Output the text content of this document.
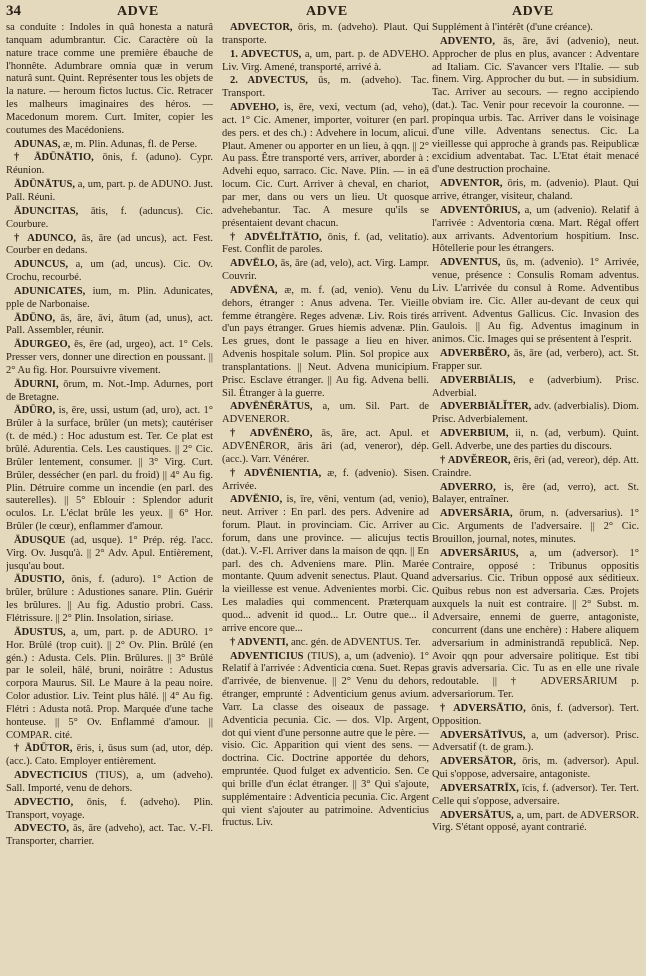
34	ADVE	ADVE	ADVE

sa conduite : Indoles in quâ honesta a naturâ tanquam adumbrantur. Cic. Caractère où la nature trace comme une première ébauche de l'honnête. Adumbrare omnia quæ in verum naturâ sunt. Quint. Représenter tous les objets de la nature. — heroum fictos luctus. Cic. Retracer les malheurs imaginaires des héros. — Macedonum morem. Curt. Imiter, copier les coutumes des Macédoniens.

ADUNAS, æ, m. Plin. Adunas, fl. de Perse.

† ĀDŪNĀTIO, ōnis, f. (aduno). Cypr. Réunion.

ĀDŪNĀTUS, a, um, part. p. de ADUNO. Just. Pall. Réuni.

ĀDUNCITAS, ātis, f. (aduncus). Cic. Courbure.

† ADUNCO, ās, āre (ad uncus), act. Fest. Courber en dedans.

ADUNCUS, a, um (ad, uncus). Cic. Ov. Crochu, recourbé.

ADUNICATES, ium, m. Plin. Adunicates, pple de Narbonaise.

ĀDŪNO, ās, āre, āvi, ātum (ad, unus), act. Pall. Assembler, réunir.

ĀDURGEO, ēs, ēre (ad, urgeo), act. 1° Cels. Presser vers, donner une direction en poussant. || 2° Au fig. Hor. Poursuivre vivement.

ĀDURNI, ōrum, m. Not.-Imp. Adurnes, port de Bretagne.

ĀDŪRO, is, ēre, ussi, ustum (ad, uro), act. 1° Brûler à la surface, brûler (un mets); cautériser (t. de méd.) : Hoc adustum est. Ter. Ce plat est brûlé. Adurentia. Cels. Les caustiques. || 2° Cic. Brûler lentement, consumer. || 3° Virg. Curt. Brûler, dessécher (en parl. du froid) || 4° Au fig. Plin. Détruire comme un incendie (en parl. des sauterelles). || 5° Eblouir : Splendor adurit oculos. Lr. L'éclat brûle les yeux. || 6° Hor. Brûler (le cœur), enflammer d'amour.

ĀDUSQUE (ad, usque). 1° Prép. rég. l'acc. Virg. Ov. Jusqu'à. || 2° Adv. Apul. Entièrement, jusqu'au bout.

ĀDUSTIO, ōnis, f. (aduro). 1° Action de brûler, brûlure : Adustiones sanare. Plin. Guérir les brûlures. || Au fig. Adustio probri. Cass. Flétrissure. || 2° Plin. Insolation, siriase.

ĀDUSTUS, a, um, part. p. de ADURO. 1° Hor. Brûlé (trop cuit). || 2° Ov. Plin. Brûlé (en gén.) : Adusta. Cels. Plin. Brûlures. || 3° Brûlé par le soleil, hâlé, bruni, noirâtre : Adustus corpora Maurus. Sil. Le Maure à la peau noire. Color adustior. Liv. Teint plus hâlé. || 4° Au fig. Flétri : Adusta notâ. Prop. Marquée d'une tache honteuse. || 5° Ov. Enflammé d'amour. || COMPAR. cité.

† ĀDŪTOR, ēris, i, ūsus sum (ad, utor, dép. (acc.). Cato. Employer entièrement.

ADVECTICIUS (TIUS), a, um (adveho). Sall. Importé, venu de dehors.

ADVECTIO, ōnis, f. (adveho). Plin. Transport, voyage.

ADVECTO, ās, āre (adveho), act. Tac. V.-Fl. Transporter, charrier.

ADVECTOR, ōris, m. (adveho). Plaut. Qui transporte.

1. ADVECTUS, a, um, part. p. de ADVEHO. Liv. Virg. Amené, transporté, arrivé à.

2. ADVECTUS, ūs, m. (adveho). Tac. Transport.

ADVEHO, is, ēre, vexi, vectum (ad, veho), act. 1° Cic. Amener, importer, voiturer (en parl. des pers. et des ch.) : Advehere in locum, alicui. Plaut. Amener ou apporter en un lieu, à qqn. || 2° Au pass. Être transporté vers, arriver, aborder à : Advehi equo, sarraco. Cic. Nave. Plin. — in eā locum. Cic. Curt. Arriver à cheval, en chariot, par mer, dans ou vers un lieu. Ut quosque advehebantur. Tac. A mesure qu'ils se présentaient devant chacun.

† ADVĒLĪTĀTIO, ōnis, f. (ad, velitatio). Fest. Conflit de paroles.

ADVĒLO, ās, āre (ad, velo), act. Virg. Lampr. Couvrir.

ADVĒNA, æ, m. f. (ad, venio). Venu du dehors, étranger : Anus advena. Ter. Vieille femme étrangère. Reges advenæ. Liv. Rois tirés d'un pays étranger. Grues hiemis advenæ. Plin. Les grues, dont le passage a lieu en hiver. Advenis hospitale solum. Plin. Sol propice aux transplantations. || Neut. Advena municipium. Prisc. Esclave étranger. || Au fig. Advena belli. Sil. Étranger à la guerre.

ADVĒNĒRĀTUS, a, um. Sil. Part. de ADVENEROR.

† ADVĒNĒRO, ās, āre, act. Apul. et ADVĒNĒROR, āris āri (ad, veneror), dép. (acc.). Varr. Vénérer.

† ADVĒNIENTIA, æ, f. (advenio). Sisen. Arrivée.

ADVĒNIO, is, īre, vēni, ventum (ad, venio), neut. Arriver : En parl. des pers. Advenire ad forum. Plaut. in provinciam. Cic. Arriver au forum, dans une province. — alicujus tectis (dat.). V.-Fl. Arriver dans la maison de qqn. || En parl. des ch. Adveniens mare. Plin. Marée montante. Quum advenit senectus. Plaut. Quand la vieillesse est venue. Advenientes morbi. Cic. Les maladies qui commencent. Præterquam quod... advenit id quod... Lr. Outre que... il arrive encore que...

† ADVENTI, anc. gén. de ADVENTUS. Ter.

ADVENTICIUS (TIUS), a, um (advenio). 1° Relatif à l'arrivée : Adventicia cœna. Suet. Repas d'arrivée, de bienvenue. || 2° Venu du dehors, étranger, emprunté : Adventicium genus avium. Varr. La classe des oiseaux de passage. Adventicia pecunia. Cic. — dos. Vlp. Argent, dot qui vient d'une personne autre que le père. — visio. Cic. Apparition qui vient des sens. — doctrina. Cic. Doctrine apportée du dehors, empruntée. Quod fulget ex adventicio. Sen. Ce qui brille d'un éclat étranger. || 3° Qui s'ajoute, supplémentaire : Adventicia pecunia. Cic. Argent qui vient s'ajouter au patrimoine. Adventicius fructus. Liv.

Supplément à l'intérêt (d'une créance).

ADVENTO, ās, āre, āvi (advenio), neut. Approcher de plus en plus, avancer : Adventare ad Italiam. Cic. S'avancer vers l'Italie. — sub finem. Virg. Approcher du but. — in subsidium. Tac. Arriver au secours. — regno accipiendo (dat.). Tac. Venir pour recevoir la couronne. — propinqua urbis. Tac. Arriver dans le voisinage d'une ville. Adventans senectus. Cic. La vieillesse qui approche à grands pas. Reipublicæ excidium adventabat. Tac. L'Etat était menacé d'une destruction prochaine.

ADVENTOR, ōris, m. (advenio). Plaut. Qui arrive, étranger, visiteur, chaland.

ADVENTŌRIUS, a, um (advenio). Relatif à l'arrivée : Adventoria cœna. Mart. Régal offert aux arrivants. Adventorium hospitium. Insc. Hôtellerie pour les étrangers.

ADVENTUS, ūs, m. (advenio). 1° Arrivée, venue, présence : Consulis Romam adventus. Liv. L'arrivée du consul à Rome. Adventibus obviam ire. Cic. Aller au-devant de ceux qui arrivent. Adventus Gallicus. Cic. Invasion des Gaulois. || Au fig. Adventus imaginum in animos. Cic. Images qui se présentent à l'esprit.

ADVERBĔRO, ās, āre (ad, verbero), act. St. Frapper sur.

ADVERBIĀLIS, e (adverbium). Prisc. Adverbial.

ADVERBIĀLĬTER, adv. (adverbialis). Diom. Prisc. Adverbialement.

ADVERBIUM, ii, n. (ad, verbum). Quint. Gell. Adverbe, une des parties du discours.

† ADVĔREOR, ēris, ēri (ad, vereor), dép. Att. Craindre.

ADVERRO, is, ēre (ad, verro), act. St. Balayer, entraîner.

ADVERSĀRIA, ōrum, n. (adversarius). 1° Cic. Arguments de l'adversaire. || 2° Cic. Brouillon, journal, notes, minutes.

ADVERSĀRIUS, a, um (adversor). 1° Contraire, opposé : Tribunus oppositis adversarius. Cic. Tribun opposé aux séditieux. Quibus rebus non est adversaria. Cæs. Projets auxquels la nuit est contraire. || 2° Subst. m. Adversaire, ennemi de guerre, antagoniste, concurrent (dans une enchère) : Habere aliquem adversarium in administrandā republicā. Nep. Avoir qqn pour adversaire politique. Est tibi gravis adversaria. Cic. Tu as en elle une rivale redoutable. || † ADVERSĀRIUM p. adversariorum. Ter.

† ADVERSĀTIO, ōnis, f. (adversor). Tert. Opposition.

ADVERSĀTĪVUS, a, um (adversor). Prisc. Adversatif (t. de gram.).

ADVERSĀTOR, ōris, m. (adversor). Apul. Qui s'oppose, adversaire, antagoniste.

ADVERSATRĪX, īcis, f. (adversor). Ter. Tert. Celle qui s'oppose, adversaire.

ADVERSĀTUS, a, um, part. de ADVERSOR. Virg. S'étant opposé, ayant contrarié.
